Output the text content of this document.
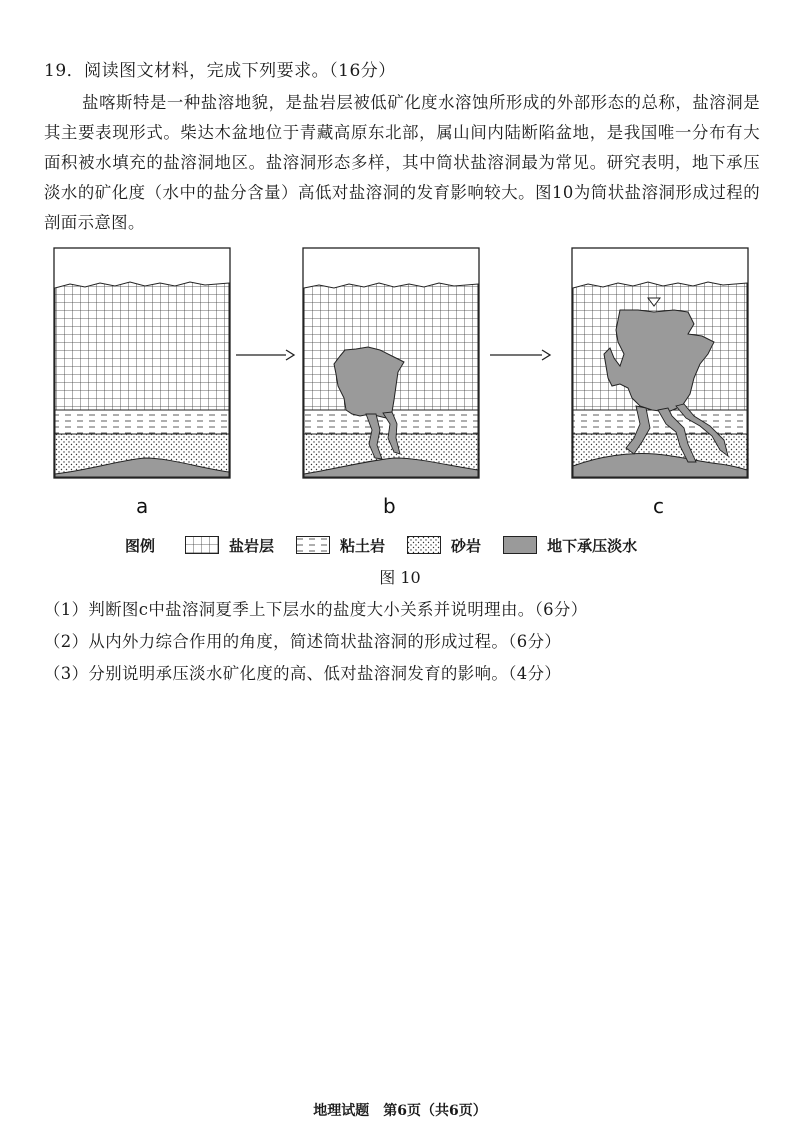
19．阅读图文材料，完成下列要求。（16分）
盐喀斯特是一种盐溶地貌，是盐岩层被低矿化度水溶蚀所形成的外部形态的总称，盐溶洞是其主要表现形式。柴达木盆地位于青藏高原东北部，属山间内陆断陷盆地，是我国唯一分布有大面积被水填充的盐溶洞地区。盐溶洞形态多样，其中筒状盐溶洞最为常见。研究表明，地下承压淡水的矿化度（水中的盐分含量）高低对盐溶洞的发育影响较大。图10为筒状盐溶洞形成过程的剖面示意图。
a	b	c
图例	盐岩层	粘土岩	砂岩	地下承压淡水
图 10
（1）判断图c中盐溶洞夏季上下层水的盐度大小关系并说明理由。（6分）
（2）从内外力综合作用的角度，简述筒状盐溶洞的形成过程。（6分）
（3）分别说明承压淡水矿化度的高、低对盐溶洞发育的影响。（4分）
地理试题　第6页（共6页）
